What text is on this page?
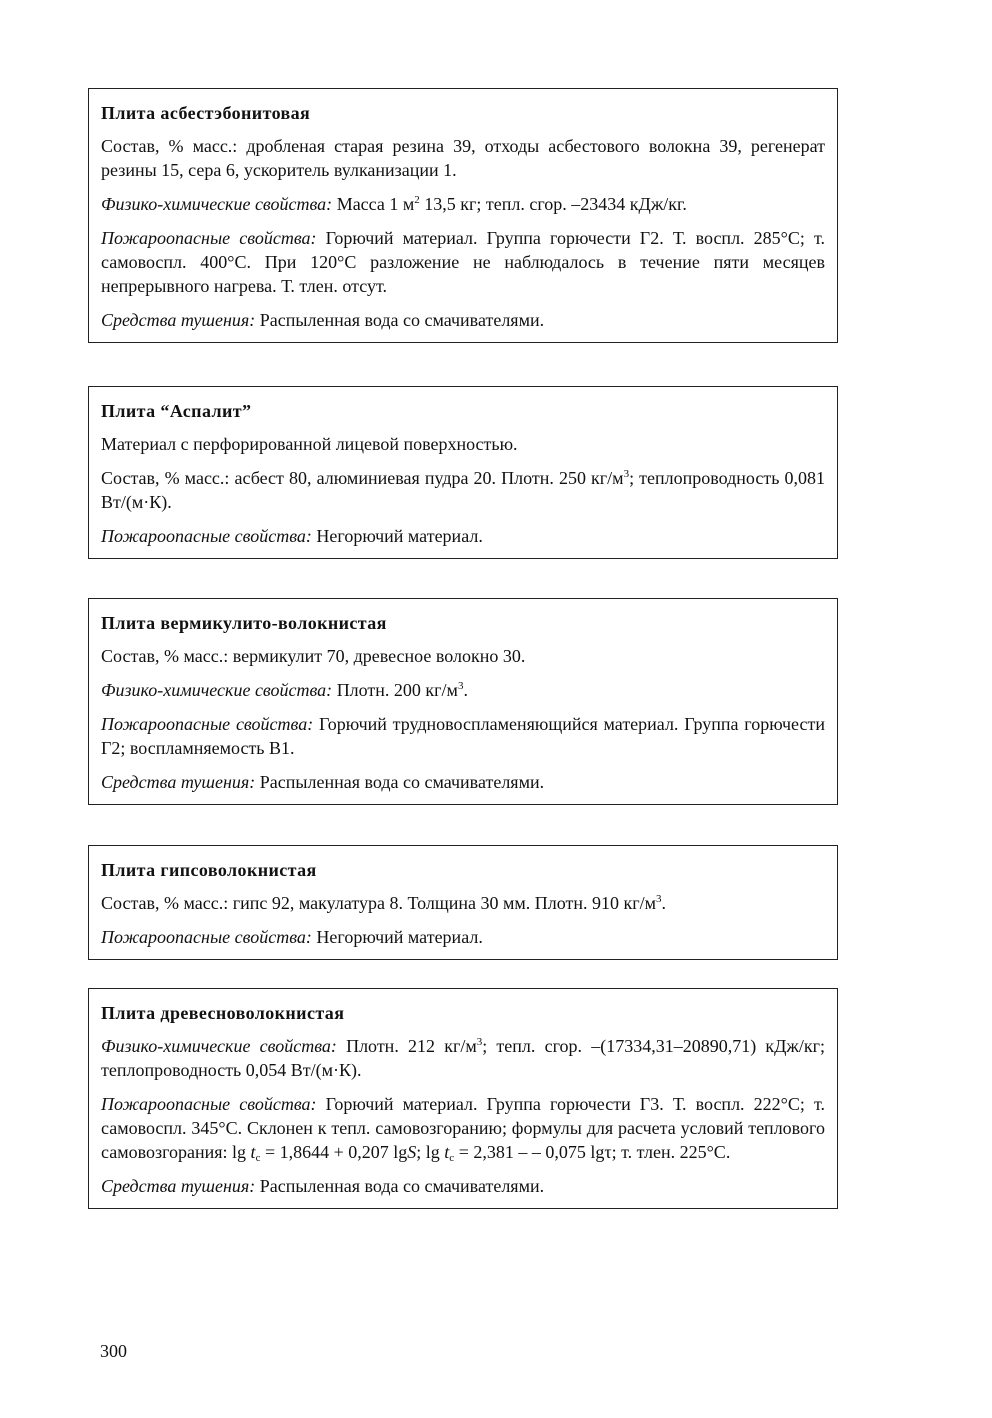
Плита асбестэбонитовая

Состав, % масс.: дробленая старая резина 39, отходы асбестового волокна 39, регенерат резины 15, сера 6, ускоритель вулканизации 1.

Физико-химические свойства: Масса 1 $м^2$ 13,5 кг; тепл. сгор. –23434 кДж/кг.

Пожароопасные свойства: Горючий материал. Группа горючести Г2. Т. воспл. 285°С; т. самовоспл. 400°С. При 120°С разложение не наблюдалось в течение пяти месяцев непрерывного нагрева. Т. тлен. отсут.

Средства тушения: Распыленная вода со смачивателями.

Плита “Аспалит”

Материал с перфорированной лицевой поверхностью.

Состав, % масс.: асбест 80, алюминиевая пудра 20. Плотн. 250 $кг/м^3$; теплопроводность 0,081 Вт/(м·К).

Пожароопасные свойства: Негорючий материал.

Плита вермикулито-волокнистая

Состав, % масс.: вермикулит 70, древесное волокно 30.

Физико-химические свойства: Плотн. 200 $кг/м^3$.

Пожароопасные свойства: Горючий трудновоспламеняющийся материал. Группа горючести Г2; воспламняемость В1.

Средства тушения: Распыленная вода со смачивателями.

Плита гипсоволокнистая

Состав, % масс.: гипс 92, макулатура 8. Толщина 30 мм. Плотн. 910 $кг/м^3$.

Пожароопасные свойства: Негорючий материал.

Плита древесноволокнистая

Физико-химические свойства: Плотн. 212 $кг/м^3$; тепл. сгор. –(17334,31–20890,71) кДж/кг; теплопроводность 0,054 Вт/(м·К).

Пожароопасные свойства: Горючий материал. Группа горючести Г3. Т. воспл. 222°С; т. самовоспл. 345°С. Склонен к тепл. самовозгоранию; формулы для расчета условий теплового самовозгорания: $\lg t_c = 1,8644 + 0,207$ lgS; $\lg t_c = 2,381$ – – 0,075 lgτ; т. тлен. 225°С.

Средства тушения: Распыленная вода со смачивателями.

300
